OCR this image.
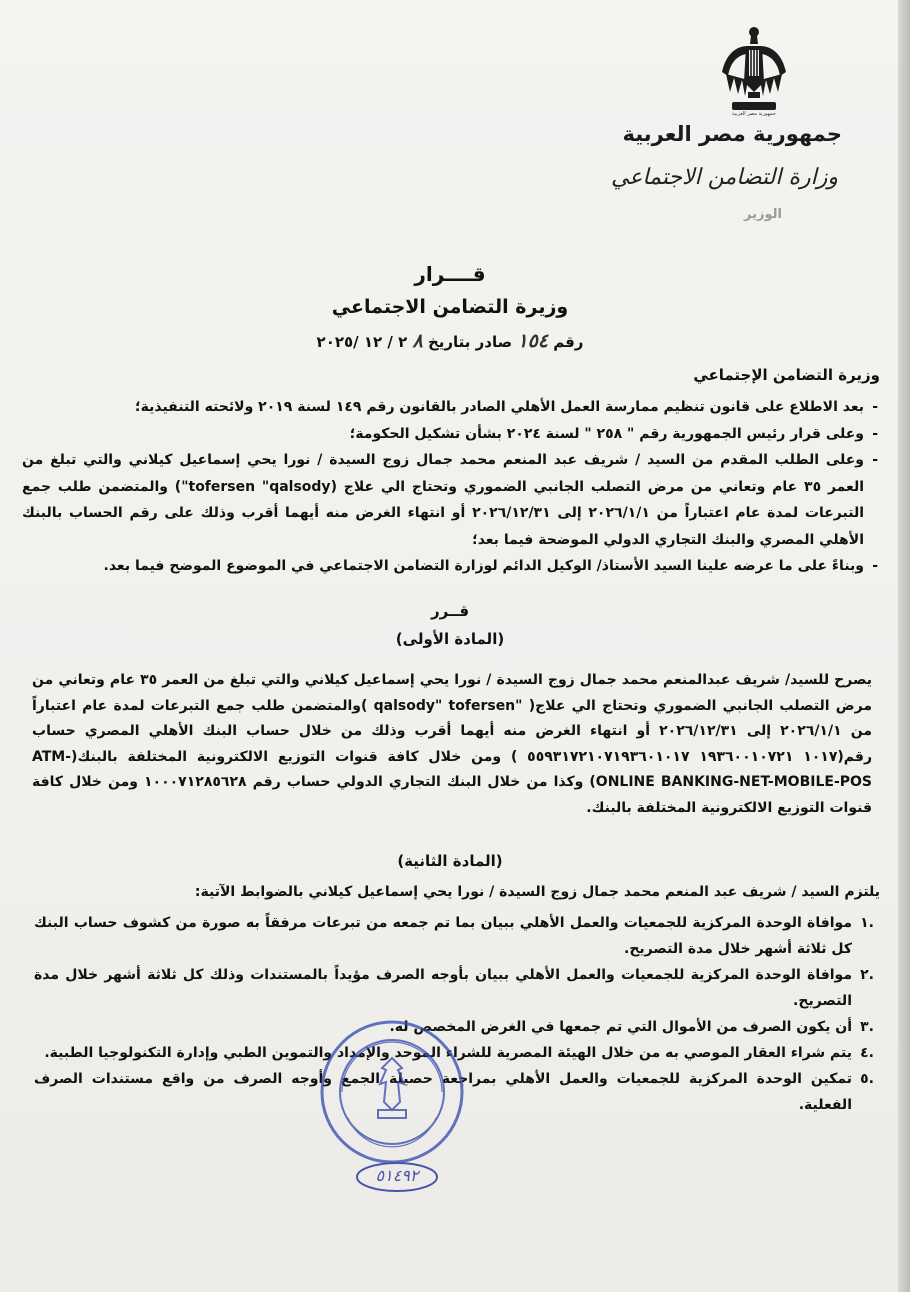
جمهورية مصر العربية
جمهورية مصر العربية
وزارة التضامن الاجتماعي
الوزير
قــــرار
وزيرة التضامن الاجتماعي
رقم ١٥٤ صادر بتاريخ ٨ ٢ / ١٢ /٢٠٢٥
وزيرة التضامن الإجتماعي
- بعد الاطلاع على قانون تنظيم ممارسة العمل الأهلي الصادر بالقانون رقم ١٤٩ لسنة ٢٠١٩ ولائحته التنفيذية؛
- وعلى قرار رئيس الجمهورية رقم " ٢٥٨ " لسنة ٢٠٢٤ بشأن تشكيل الحكومة؛
- وعلى الطلب المقدم من السيد / شريف عبد المنعم محمد جمال زوج السيدة / نورا يحي إسماعيل كيلاني والتي تبلغ من العمر ٣٥ عام وتعاني من مرض التصلب الجانبي الضموري وتحتاج الي علاج (tofersen "qalsody") والمتضمن طلب جمع التبرعات لمدة عام اعتباراً من ٢٠٢٦/١/١ إلى ٢٠٢٦/١٢/٣١ أو انتهاء الغرض منه أيهما أقرب وذلك على رقم الحساب بالبنك الأهلي المصري والبنك التجاري الدولي الموضحة فيما بعد؛
- وبناءً على ما عرضه علينا السيد الأستاذ/ الوكيل الدائم لوزارة التضامن الاجتماعي في الموضوع الموضح فيما بعد.
قــرر
(المادة الأولى)
يصرح للسيد/ شريف عبدالمنعم محمد جمال زوج السيدة / نورا يحي إسماعيل كيلاني والتي تبلغ من العمر ٣٥ عام وتعاني من مرض التصلب الجانبي الضموري وتحتاج الي علاج( "qalsody" tofersen )والمتضمن طلب جمع التبرعات لمدة عام اعتباراً من ٢٠٢٦/١/١ إلى ٢٠٢٦/١٢/٣١ أو انتهاء الغرض منه أيهما أقرب وذلك من خلال حساب البنك الأهلي المصري حساب رقم(١٠١٧ ١٩٣٦٠٠١٠٧٢١ ٥٥٩٣١٧٢١٠٧١٩٣٦٠١٠١٧ ) ومن خلال كافة قنوات التوزيع الالكترونية المختلفة بالبنك(ATM-ONLINE BANKING-NET-MOBILE-POS) وكذا من خلال البنك التجاري الدولي حساب رقم ١٠٠٠٧١٢٨٥٦٢٨ ومن خلال كافة قنوات التوزيع الالكترونية المختلفة بالبنك.
(المادة الثانية)
يلتزم السيد / شريف عبد المنعم محمد جمال زوج السيدة / نورا يحي إسماعيل كيلاني بالضوابط الآتية:
.١
موافاة الوحدة المركزية للجمعيات والعمل الأهلي ببيان بما تم جمعه من تبرعات مرفقاً به صورة من كشوف حساب البنك كل ثلاثة أشهر خلال مدة التصريح.
.٢
موافاة الوحدة المركزية للجمعيات والعمل الأهلي ببيان بأوجه الصرف مؤيداً بالمستندات وذلك كل ثلاثة أشهر خلال مدة التصريح.
.٣
أن يكون الصرف من الأموال التي تم جمعها في الغرض المخصص له.
.٤
يتم شراء العقار الموصي به من خلال الهيئة المصرية للشراء الموحد والإمداد والتموين الطبي وإدارة التكنولوجيا الطبية.
.٥
تمكين الوحدة المركزية للجمعيات والعمل الأهلي بمراجعة حصيلة الجمع وأوجه الصرف من واقع مستندات الصرف الفعلية.
٥١٤٩٢
